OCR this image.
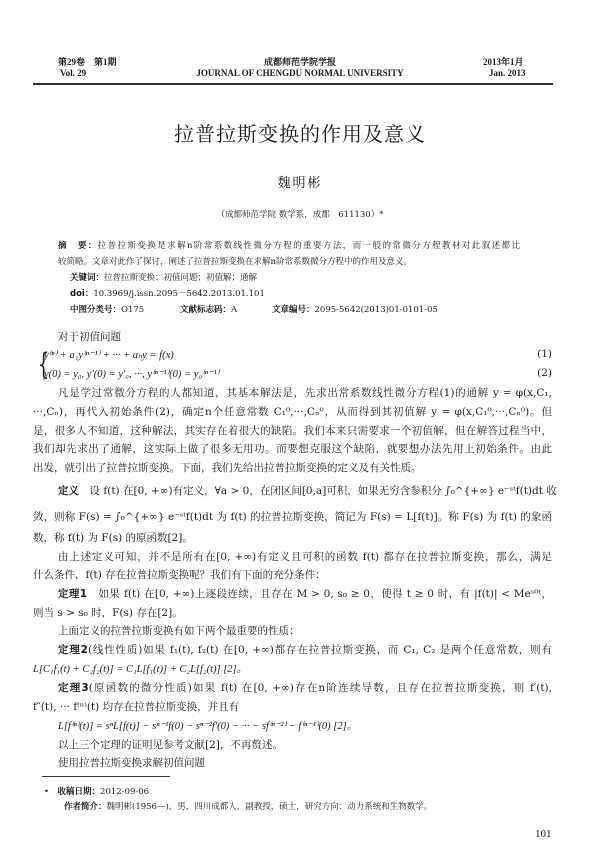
第29卷　第1期
Vol. 29
成都师范学院学报
JOURNAL OF CHENGDU NORMAL UNIVERSITY
2013年1月
Jan. 2013
拉普拉斯变换的作用及意义
魏明彬
（成都师范学院 数学系，成都　611130）*
摘　要：拉普拉斯变换是求解n阶常系数线性微分方程的重要方法，而一般的常微分方程教材对此叙述都比
较简略。文章对此作了探讨，阐述了拉普拉斯变换在求解n阶常系数微分方程中的作用及意义。
关键词：拉普拉斯变换；初值问题；初值解；通解
doi：10.3969/j.issn.2095－5642.2013.01.101
中图分类号：O175	文献标志码：A	文章编号：2095-5642(2013)01-0101-05
对于初值问题
{
y⁽ⁿ⁾ + a₁y⁽ⁿ⁻¹⁾ + ··· + aₙy = f(x)	(1)
y(0) = y₀, y′(0) = y′₀, ···, y⁽ⁿ⁻¹⁾(0) = y₀⁽ⁿ⁻¹⁾	(2)
凡是学过常微分方程的人都知道，其基本解法是，先求出常系数线性微分方程(1)的通解 y = φ(x,C₁,
···,Cₙ)，再代入初始条件(2)，确定n个任意常数 C₁⁰,···,Cₙ⁰，从而得到其初值解 y = φ(x,C₁⁰,···,Cₙ⁰)。但
是，很多人不知道，这种解法，其实存在着很大的缺陷。我们本来只需要求一个初值解，但在解答过程当中，
我们却先求出了通解，这实际上做了很多无用功。而要想克服这个缺陷，就要想办法先用上初始条件。由此
出发，就引出了拉普拉斯变换。下面，我们先给出拉普拉斯变换的定义及有关性质。
定义　 设 f(t) 在[0, +∞)有定义，∀a > 0，在闭区间[0,a]可积，如果无穷含参积分 ∫₀^{+∞} e⁻ˢᵗf(t)dt 收
敛，则称 F(s) = ∫₀^{+∞} e⁻ˢᵗf(t)dt 为 f(t) 的拉普拉斯变换，简记为 F(s) = L[f(t)]。称 F(s) 为 f(t) 的象函
数，称 f(t) 为 F(s) 的原函数[2]。
由上述定义可知，并不是所有在[0, +∞)有定义且可积的函数 f(t) 都存在拉普拉斯变换，那么，满足
什么条件，f(t) 存在拉普拉斯变换呢？我们有下面的充分条件：
定理1　 如果 f(t) 在[0, +∞)上逐段连续，且存在 M > 0, s₀ ≥ 0，使得 t ≥ 0 时，有 |f(t)| < Meˢ⁰ᵗ，
则当 s > s₀ 时，F(s) 存在[2]。
上面定义的拉普拉斯变换有如下两个最重要的性质：
定理2(线性性质)如果 f₁(t), f₂(t) 在[0, +∞)都存在拉普拉斯变换，而 C₁, C₂ 是两个任意常数，则有
L[C₁f₁(t) + C₂f₂(t)] = C₁L[f₁(t)] + C₂L[f₂(t)] [2]。
定理3(原函数的微分性质)如果 f(t) 在[0, +∞)存在n阶连续导数，且存在拉普拉斯变换，则 f′(t),
f″(t), ··· f⁽ⁿ⁾(t) 均存在拉普拉斯变换，并且有
L[f⁽ⁿ⁾(t)] = sⁿL[f(t)] − sⁿ⁻¹f(0) − sⁿ⁻²f′(0) − ··· − sf⁽ⁿ⁻²⁾ − f⁽ⁿ⁻¹⁾(0) [2]。
以上三个定理的证明见参考文献[2]，不再赘述。
使用拉普拉斯变换求解初值问题
•　收稿日期：2012-09-06
作者简介：魏明彬(1956—)，男，四川成都人，副教授，硕士，研究方向：动力系统和生物数学。
101
